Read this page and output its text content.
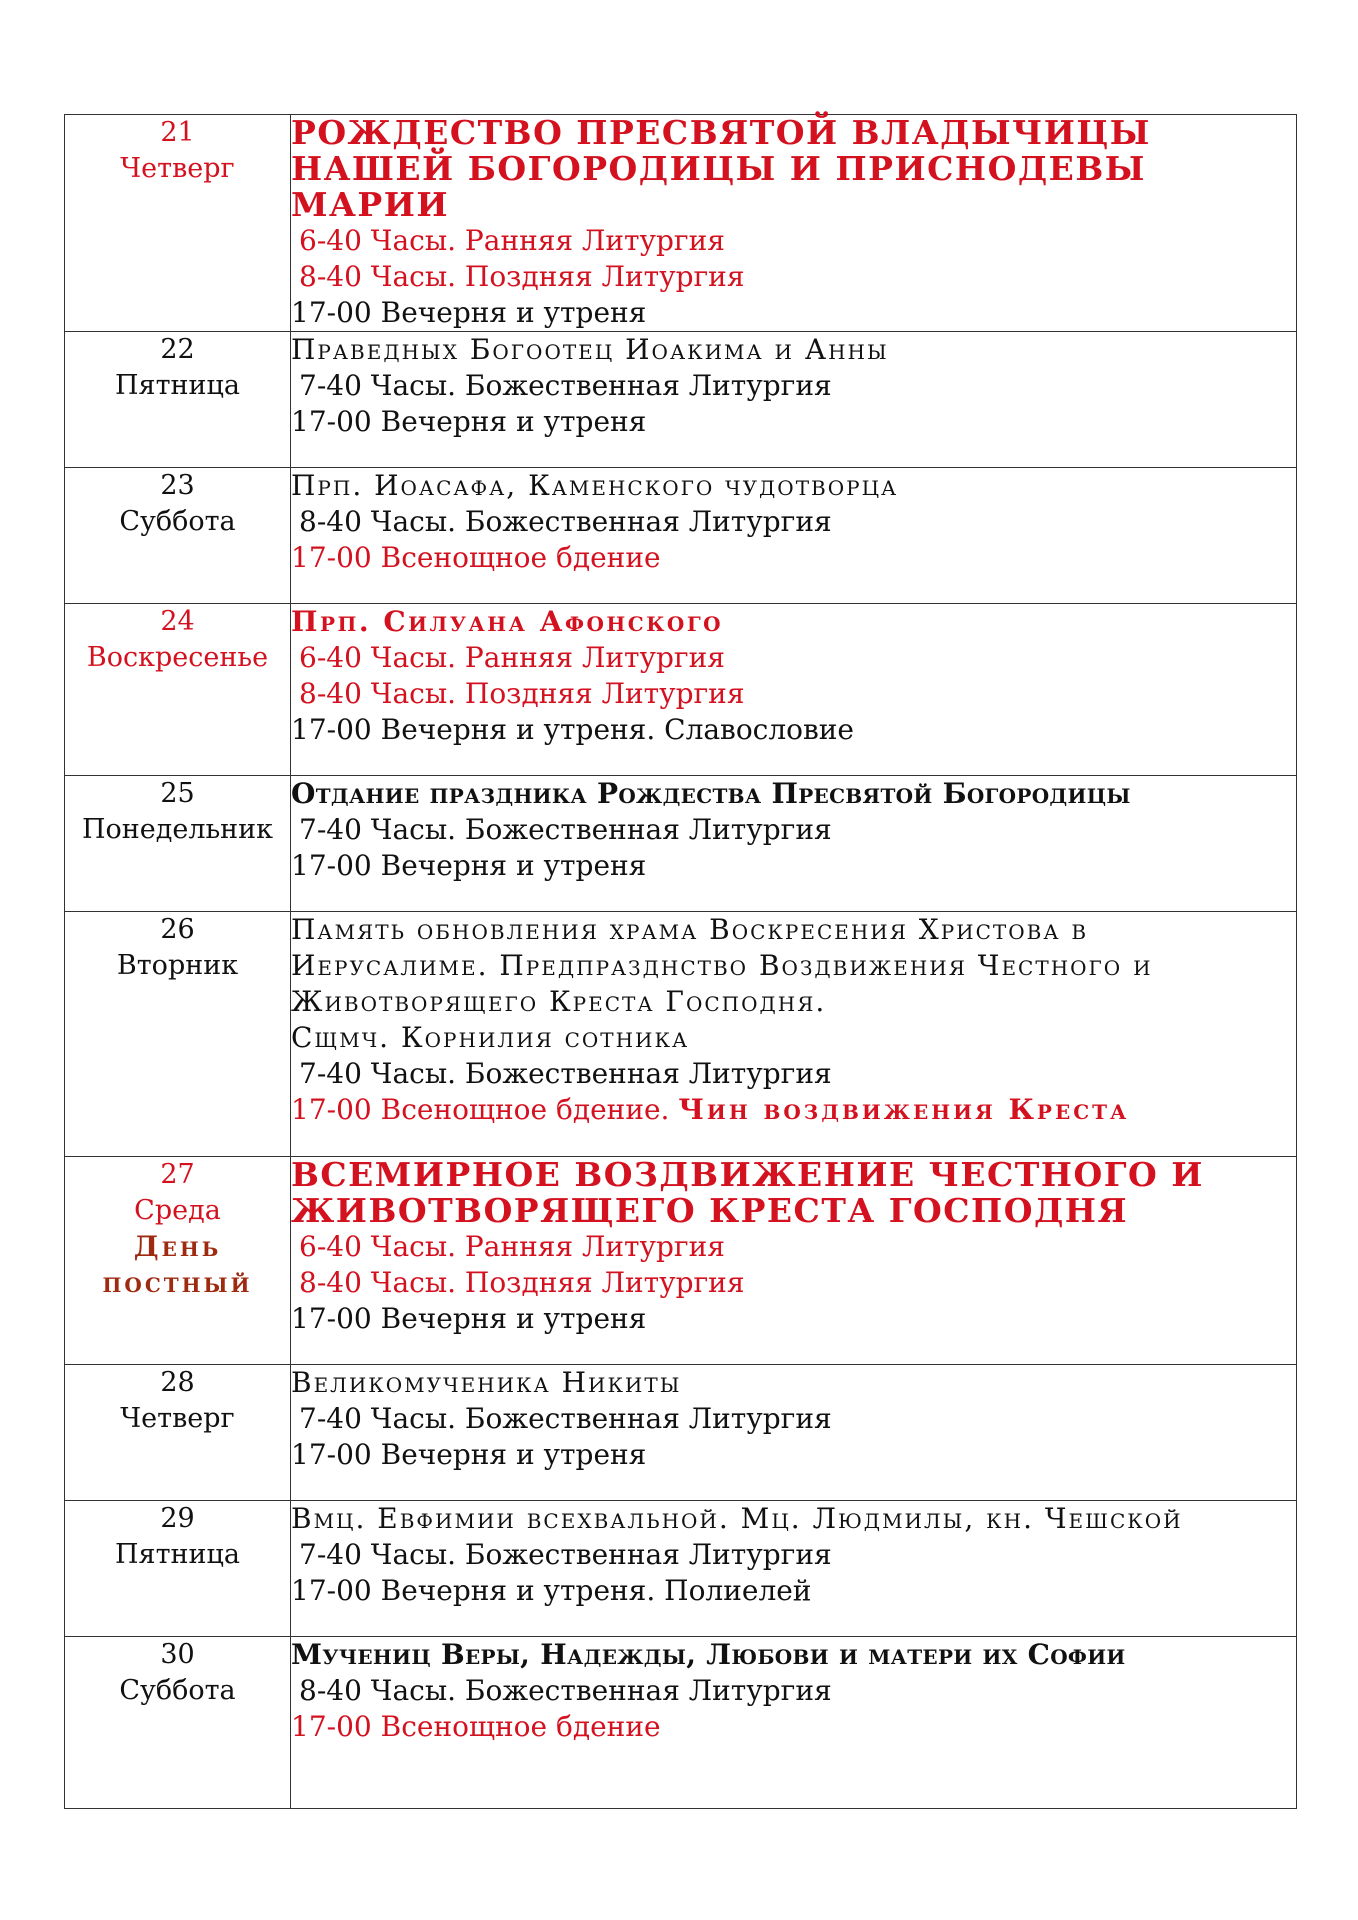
21
Четверг	РОЖДЕСТВО ПРЕСВЯТОЙ ВЛАДЫЧИЦЫ НАШЕЙ БОГОРОДИЦЫ И ПРИСНОДЕВЫ МАРИИ
6-40 Часы. Ранняя Литургия
8-40 Часы. Поздняя Литургия
17-00 Вечерня и утреня

22
Пятница	Праведных Богоотец Иоакима и Анны
7-40 Часы. Божественная Литургия
17-00 Вечерня и утреня

23
Суббота	Прп. Иоасафа, Каменского чудотворца
8-40 Часы. Божественная Литургия
17-00 Всенощное бдение

24
Воскресенье	Прп. Силуана Афонского
6-40 Часы. Ранняя Литургия
8-40 Часы. Поздняя Литургия
17-00 Вечерня и утреня. Славословие

25
Понедельник	Отдание праздника Рождества Пресвятой Богородицы
7-40 Часы. Божественная Литургия
17-00 Вечерня и утреня

26
Вторник	Память обновления храма Воскресения Христова в Иерусалиме. Предпразднство Воздвижения Честного и Животворящего Креста Господня.
Сщмч. Корнилия сотника
7-40 Часы. Божественная Литургия
17-00 Всенощное бдение. Чин воздвижения Креста

27
Среда
День постный	ВСЕМИРНОЕ ВОЗДВИЖЕНИЕ ЧЕСТНОГО И ЖИВОТВОРЯЩЕГО КРЕСТА ГОСПОДНЯ
6-40 Часы. Ранняя Литургия
8-40 Часы. Поздняя Литургия
17-00 Вечерня и утреня

28
Четверг	Великомученика Никиты
7-40 Часы. Божественная Литургия
17-00 Вечерня и утреня

29
Пятница	Вмц. Евфимии всехвальной. Мц. Людмилы, кн. Чешской
7-40 Часы. Божественная Литургия
17-00 Вечерня и утреня. Полиелей

30
Суббота	Мучениц Веры, Надежды, Любови и матери их Софии
8-40 Часы. Божественная Литургия
17-00 Всенощное бдение
